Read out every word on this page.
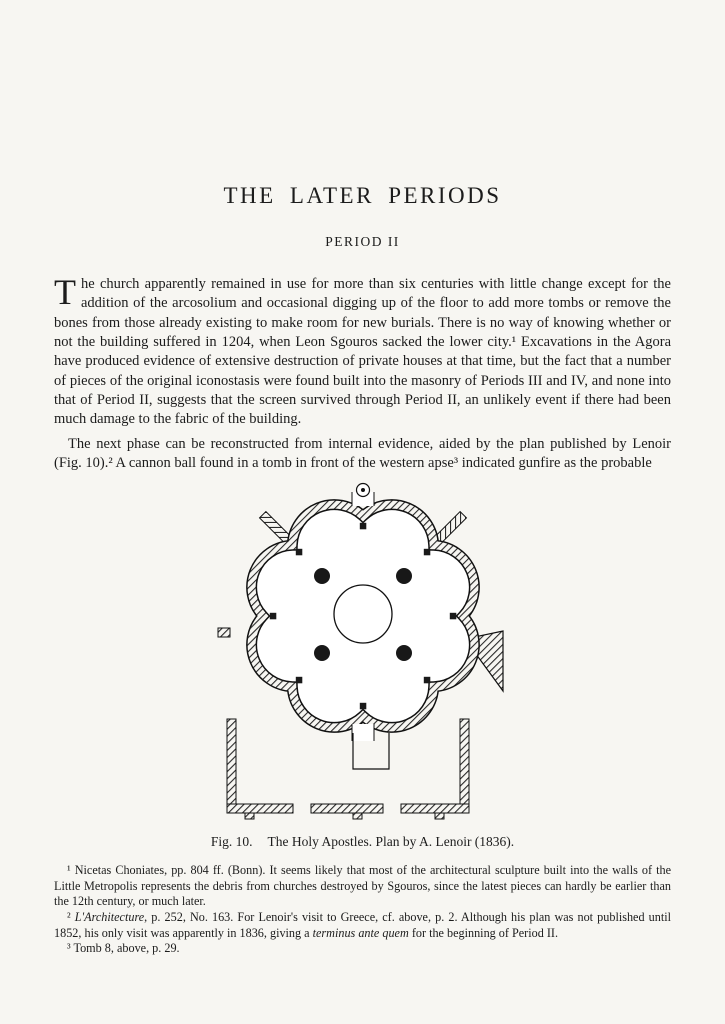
THE LATER PERIODS
PERIOD II

The church apparently remained in use for more than six centuries with little change except for the addition of the arcosolium and occasional digging up of the floor to add more tombs or remove the bones from those already existing to make room for new burials. There is no way of knowing whether or not the building suffered in 1204, when Leon Sgouros sacked the lower city.¹ Excavations in the Agora have produced evidence of extensive destruction of private houses at that time, but the fact that a number of pieces of the original iconostasis were found built into the masonry of Periods III and IV, and none into that of Period II, suggests that the screen survived through Period II, an unlikely event if there had been much damage to the fabric of the building.

The next phase can be reconstructed from internal evidence, aided by the plan published by Lenoir (Fig. 10).² A cannon ball found in a tomb in front of the western apse³ indicated gunfire as the probable

Fig. 10. The Holy Apostles. Plan by A. Lenoir (1836).

¹ Nicetas Choniates, pp. 804 ff. (Bonn). It seems likely that most of the architectural sculpture built into the walls of the Little Metropolis represents the debris from churches destroyed by Sgouros, since the latest pieces can hardly be earlier than the 12th century, or much later.

² L'Architecture, p. 252, No. 163. For Lenoir's visit to Greece, cf. above, p. 2. Although his plan was not published until 1852, his only visit was apparently in 1836, giving a terminus ante quem for the beginning of Period II.

³ Tomb 8, above, p. 29.
